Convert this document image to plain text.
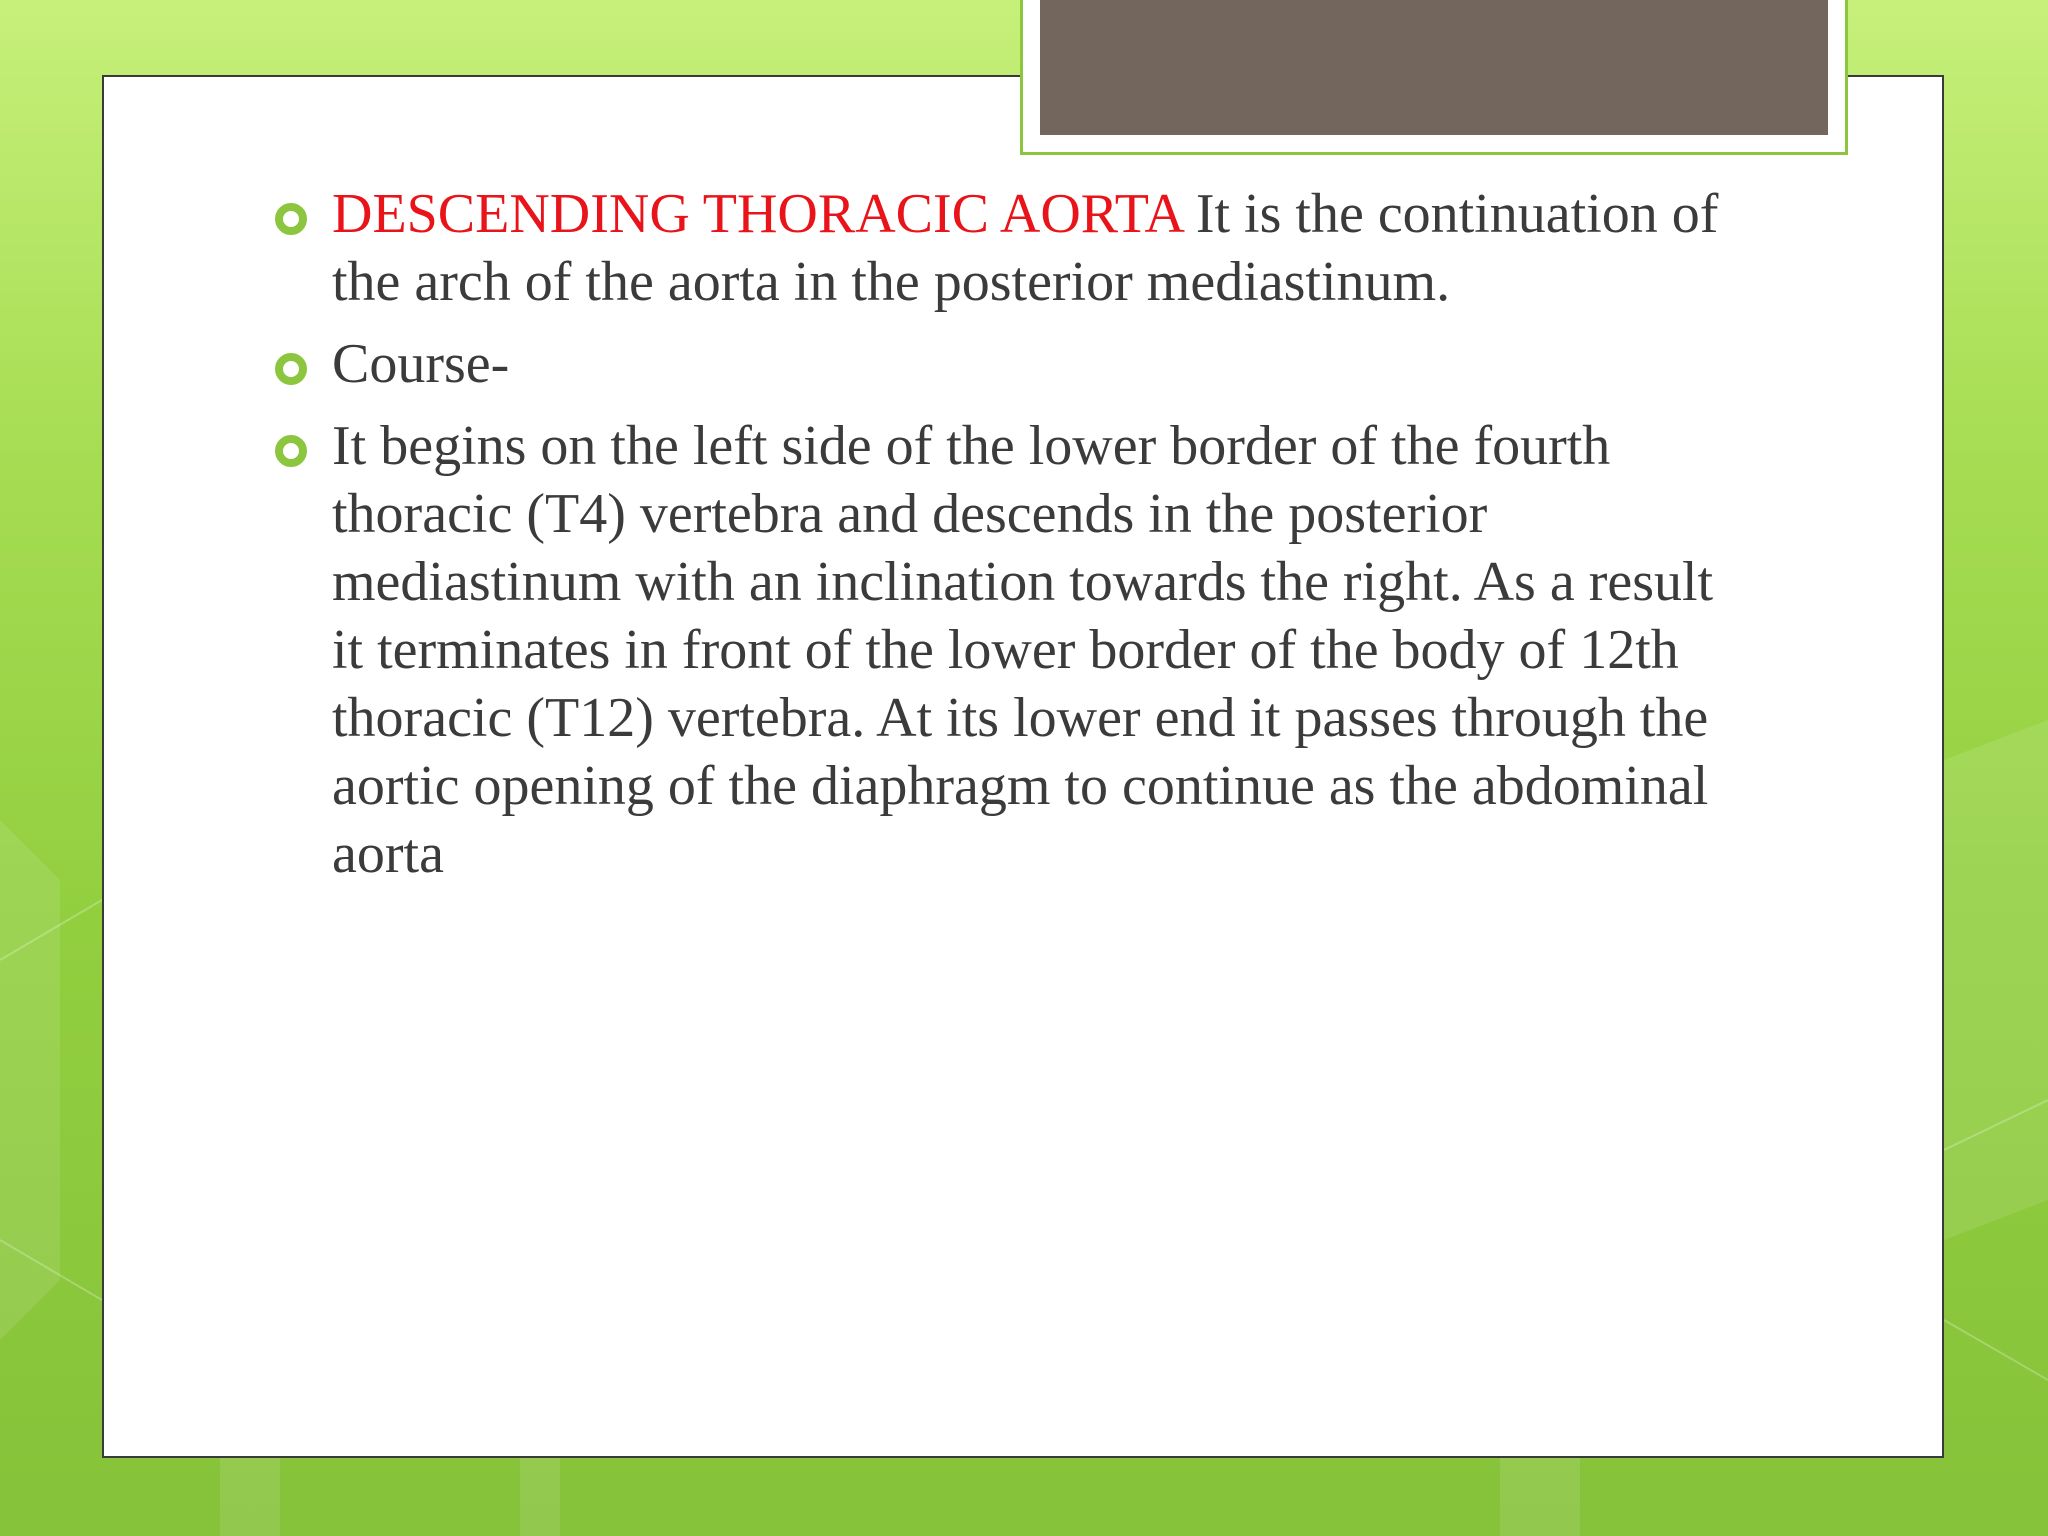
DESCENDING THORACIC AORTA It is the continuation of the arch of the aorta in the posterior mediastinum.
Course-
It begins on the left side of the lower border of the fourth thoracic (T4) vertebra and descends in the posterior mediastinum with an inclination towards the right. As a result it terminates in front of the lower border of the body of 12th thoracic (T12) vertebra. At its lower end it passes through the aortic opening of the diaphragm to continue as the abdominal aorta
